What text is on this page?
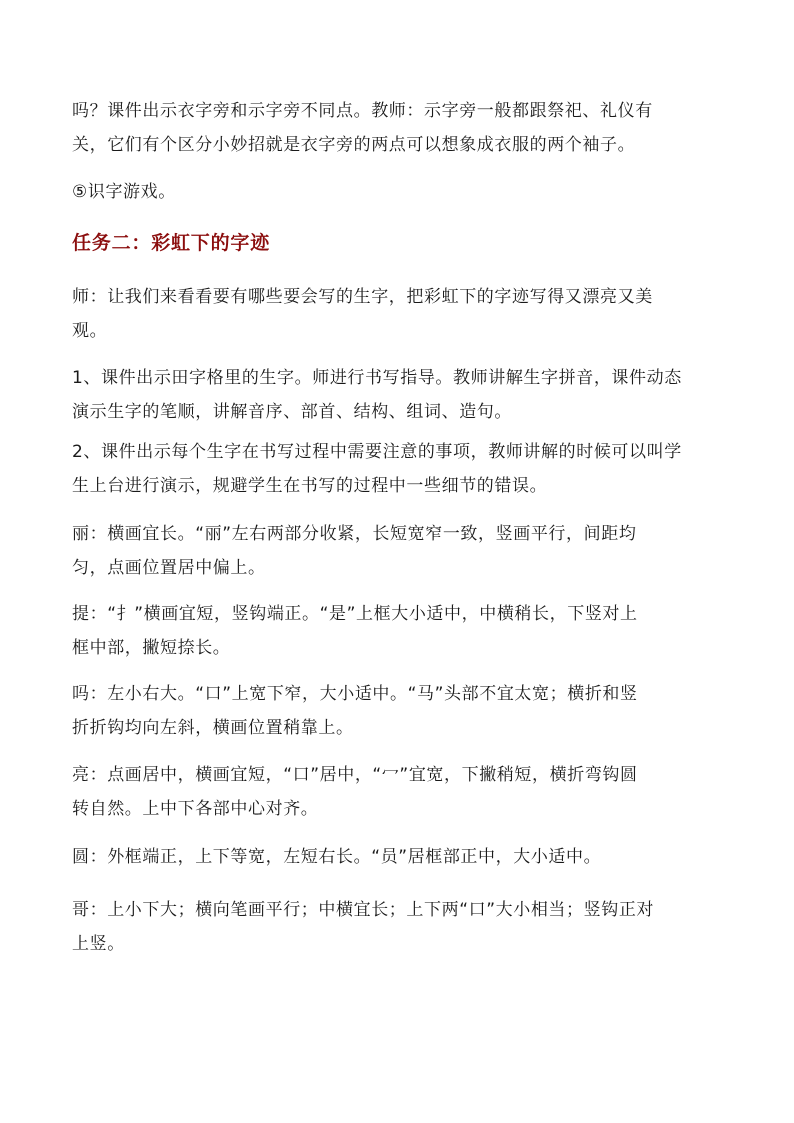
吗？课件出示衣字旁和示字旁不同点。教师：示字旁一般都跟祭祀、礼仪有
关，它们有个区分小妙招就是衣字旁的两点可以想象成衣服的两个袖子。

⑤识字游戏。

任务二：彩虹下的字迹

师：让我们来看看要有哪些要会写的生字，把彩虹下的字迹写得又漂亮又美
观。

1、课件出示田字格里的生字。师进行书写指导。教师讲解生字拼音，课件动态
演示生字的笔顺，讲解音序、部首、结构、组词、造句。

2、课件出示每个生字在书写过程中需要注意的事项，教师讲解的时候可以叫学
生上台进行演示，规避学生在书写的过程中一些细节的错误。

丽：横画宜长。“丽”左右两部分收紧，长短宽窄一致，竖画平行，间距均
匀，点画位置居中偏上。

提：“扌”横画宜短，竖钩端正。“是”上框大小适中，中横稍长，下竖对上
框中部，撇短捺长。

吗：左小右大。“口”上宽下窄，大小适中。“马”头部不宜太宽；横折和竖
折折钩均向左斜，横画位置稍靠上。

亮：点画居中，横画宜短，“口”居中，“冖”宜宽，下撇稍短，横折弯钩圆
转自然。上中下各部中心对齐。

圆：外框端正，上下等宽，左短右长。“员”居框部正中，大小适中。

哥：上小下大；横向笔画平行；中横宜长；上下两“口”大小相当；竖钩正对
上竖。
